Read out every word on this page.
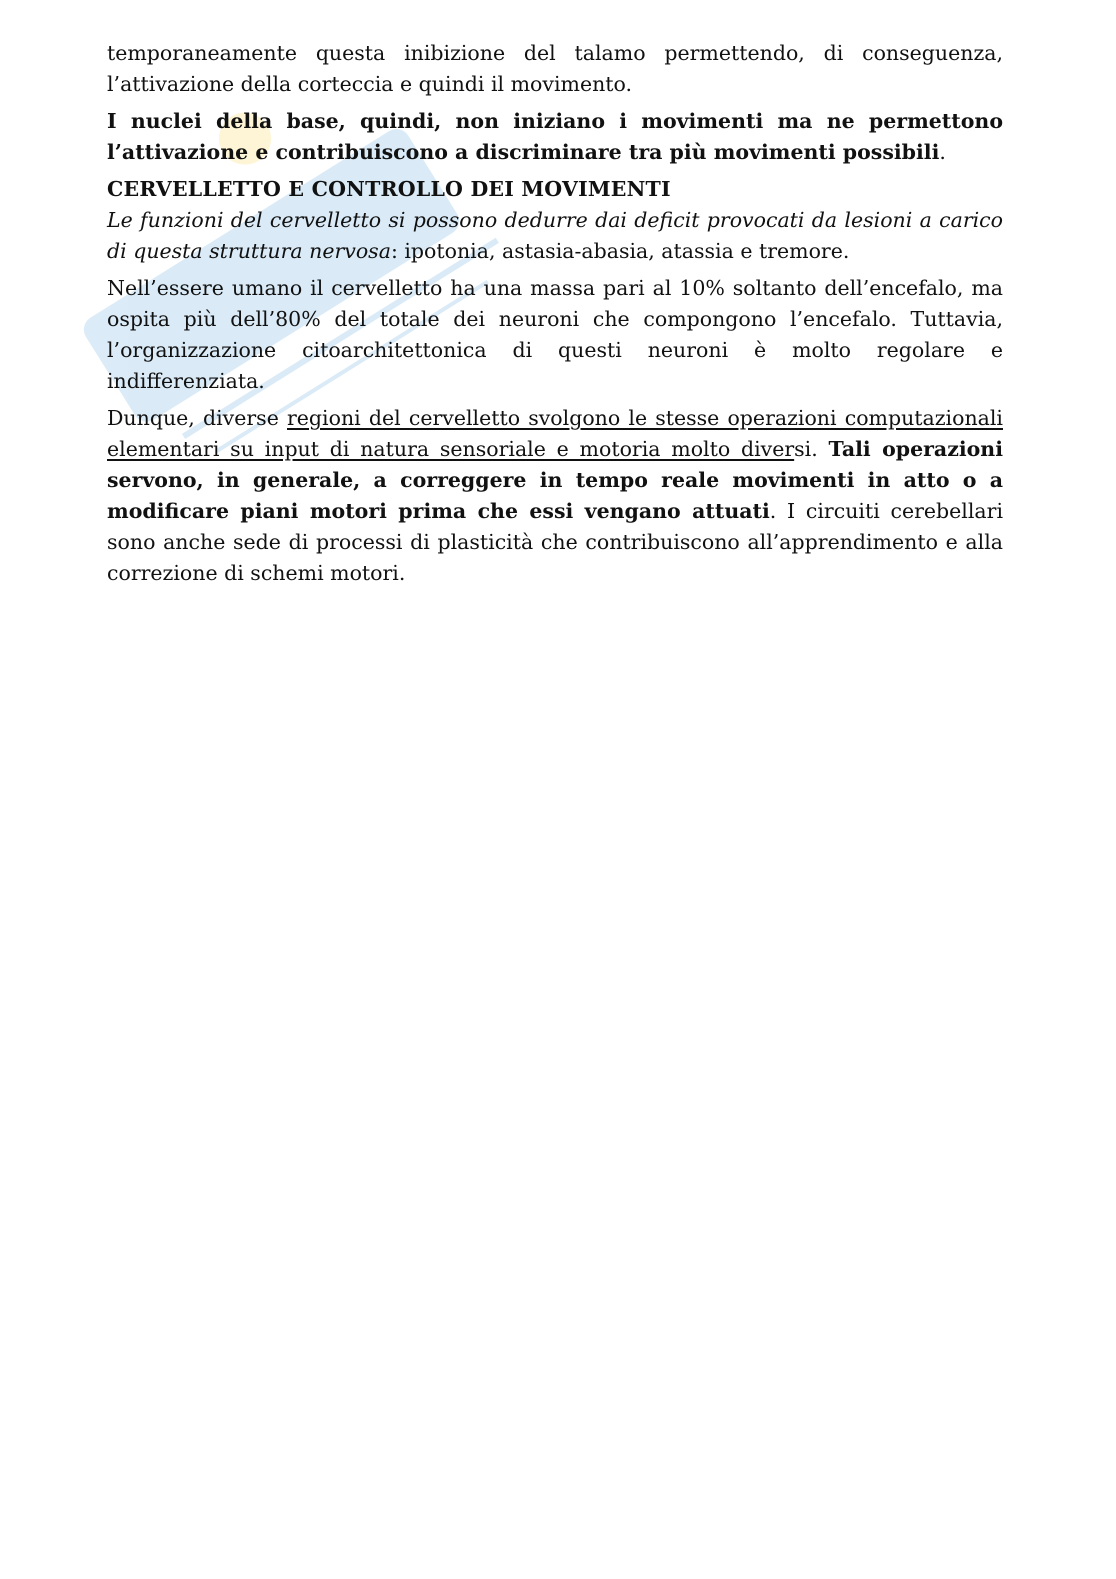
temporaneamente questa inibizione del talamo permettendo, di conseguenza, l’attivazione della corteccia e quindi il movimento.

I nuclei della base, quindi, non iniziano i movimenti ma ne permettono l’attivazione e contribuiscono a discriminare tra più movimenti possibili.

CERVELLETTO E CONTROLLO DEI MOVIMENTI

Le funzioni del cervelletto si possono dedurre dai deficit provocati da lesioni a carico di questa struttura nervosa: ipotonia, astasia-abasia, atassia e tremore.

Nell’essere umano il cervelletto ha una massa pari al 10% soltanto dell’encefalo, ma ospita più dell’80% del totale dei neuroni che compongono l’encefalo. Tuttavia, l’organizzazione citoarchitettonica di questi neuroni è molto regolare e indifferenziata.

Dunque, diverse regioni del cervelletto svolgono le stesse operazioni computazionali elementari su input di natura sensoriale e motoria molto diversi. Tali operazioni servono, in generale, a correggere in tempo reale movimenti in atto o a modificare piani motori prima che essi vengano attuati. I circuiti cerebellari sono anche sede di processi di plasticità che contribuiscono all’apprendimento e alla correzione di schemi motori.
